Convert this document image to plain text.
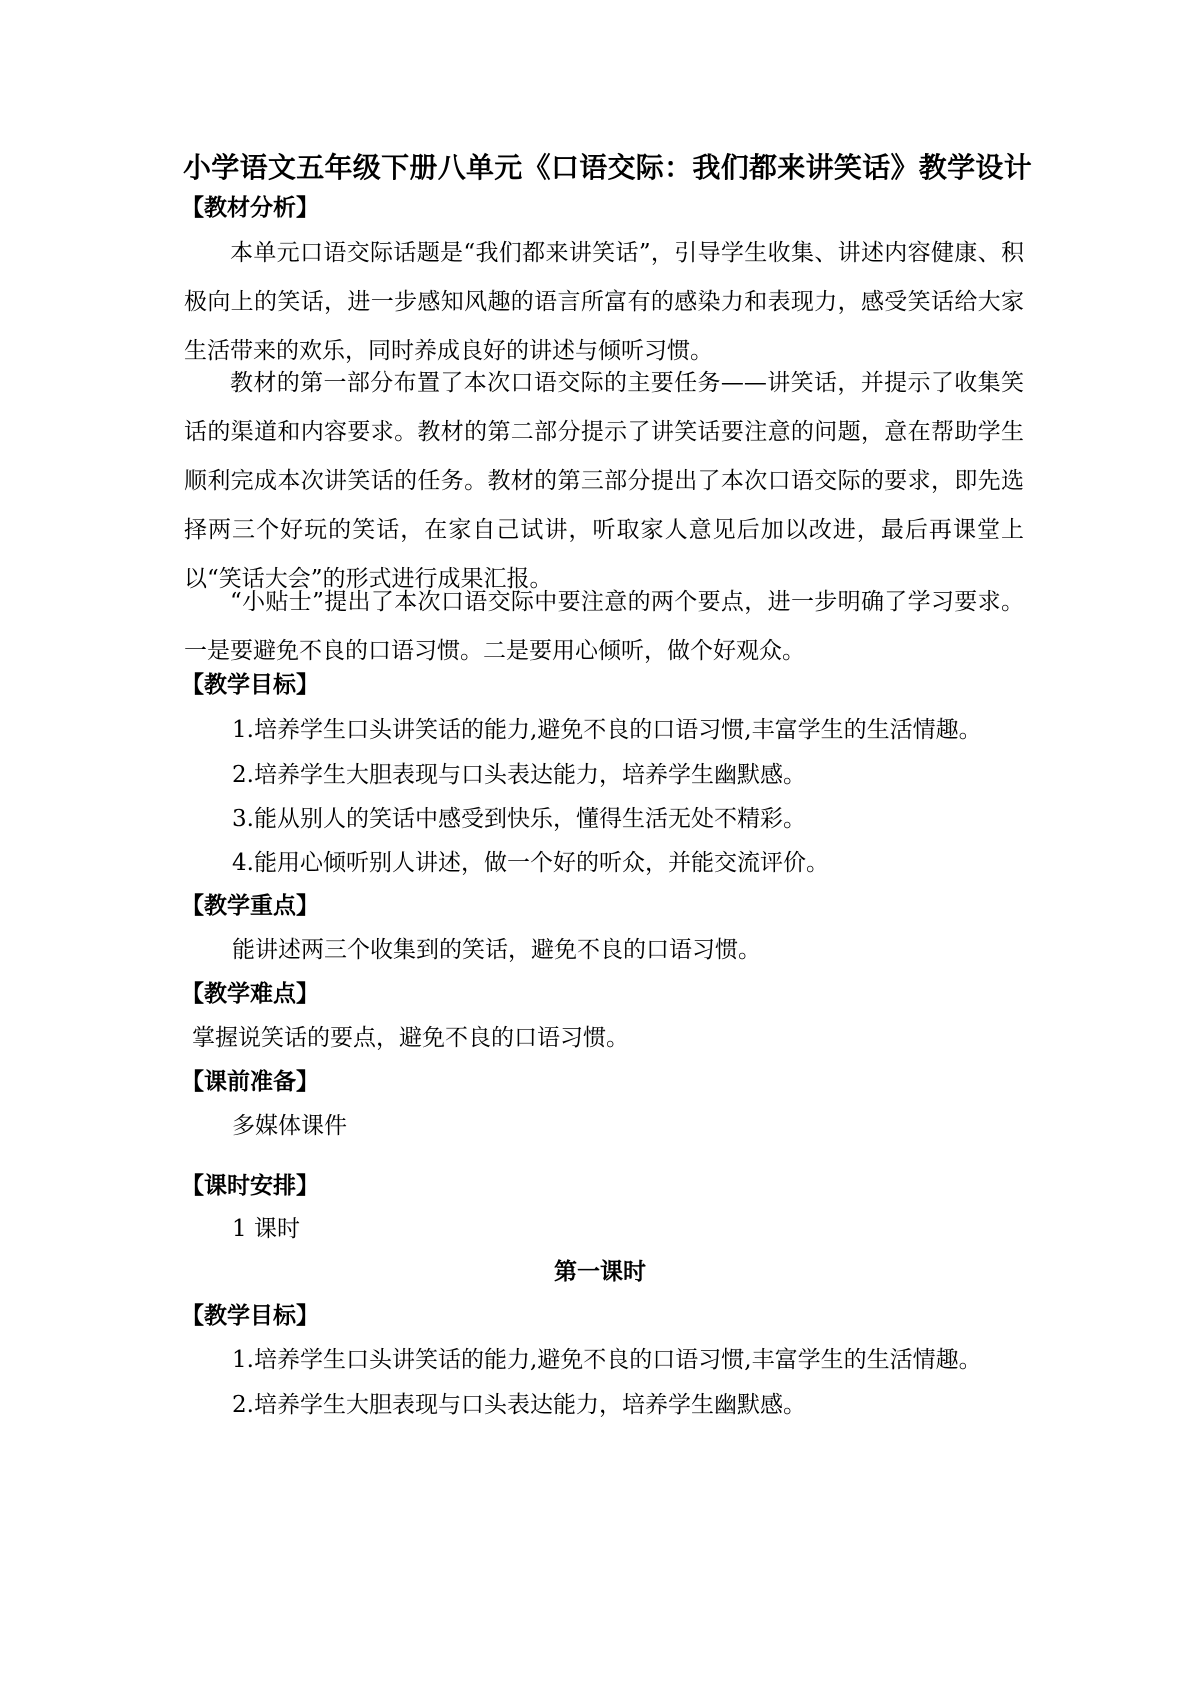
小学语文五年级下册八单元《口语交际：我们都来讲笑话》教学设计
【教材分析】
本单元口语交际话题是“我们都来讲笑话”，引导学生收集、讲述内容健康、积极向上的笑话，进一步感知风趣的语言所富有的感染力和表现力，感受笑话给大家生活带来的欢乐，同时养成良好的讲述与倾听习惯。
教材的第一部分布置了本次口语交际的主要任务——讲笑话，并提示了收集笑话的渠道和内容要求。教材的第二部分提示了讲笑话要注意的问题，意在帮助学生顺利完成本次讲笑话的任务。教材的第三部分提出了本次口语交际的要求，即先选择两三个好玩的笑话，在家自己试讲，听取家人意见后加以改进，最后再课堂上以“笑话大会”的形式进行成果汇报。
“小贴士”提出了本次口语交际中要注意的两个要点，进一步明确了学习要求。一是要避免不良的口语习惯。二是要用心倾听，做个好观众。
【教学目标】
1.培养学生口头讲笑话的能力,避免不良的口语习惯,丰富学生的生活情趣。
2.培养学生大胆表现与口头表达能力，培养学生幽默感。
3.能从别人的笑话中感受到快乐，懂得生活无处不精彩。
4.能用心倾听别人讲述，做一个好的听众，并能交流评价。
【教学重点】
能讲述两三个收集到的笑话，避免不良的口语习惯。
【教学难点】
掌握说笑话的要点，避免不良的口语习惯。
【课前准备】
多媒体课件
【课时安排】
1 课时
第一课时
【教学目标】
1.培养学生口头讲笑话的能力,避免不良的口语习惯,丰富学生的生活情趣。
2.培养学生大胆表现与口头表达能力，培养学生幽默感。
